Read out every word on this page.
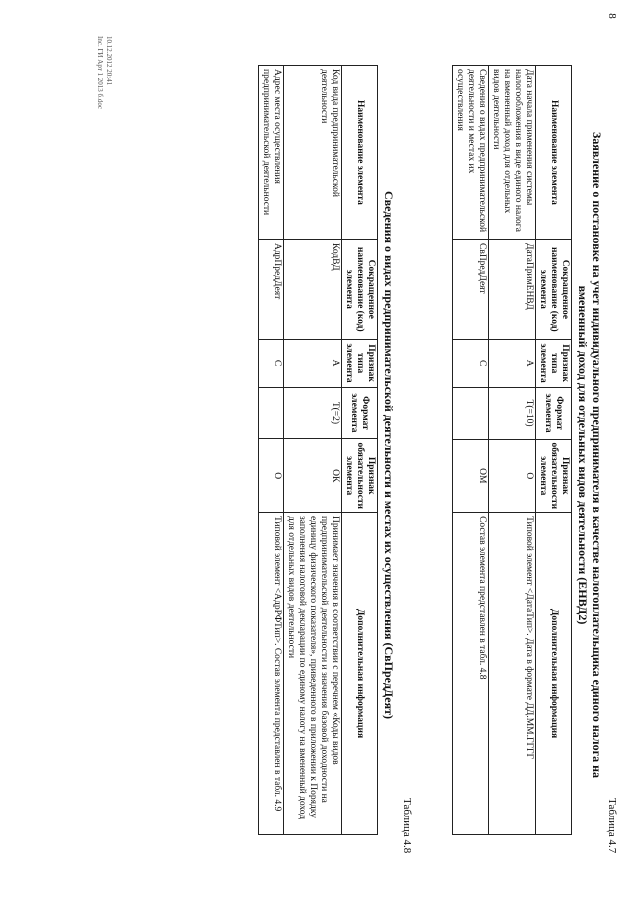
8
Таблица 4.7
Заявление о постановке на учет индивидуального предпринимателя в качестве налогоплательщика единого налога на
вмененный доход для отдельных видов деятельности (ЕНВД2)
Наименование элемента	Сокращенное наименование (код) элемента	Признак типа элемента	Формат элемента	Признак обязательности элемента	Дополнительная информация
Дата начала применения системы налогообложения в виде единого налога на вмененный доход для отдельных видов деятельности	ДатаПримЕНВД	А	T(=10)	О	Типовой элемент <ДатаТип>. Дата в формате ДД.ММ.ГГГГ
Сведения о видах предпринимательской деятельности и местах их осуществления	СвПредДеят	С		ОМ	Состав элемента представлен в табл. 4.8
Таблица 4.8
Сведения о видах предпринимательской деятельности и местах их осуществления (СвПредДеят)
Наименование элемента	Сокращенное наименование (код) элемента	Признак типа элемента	Формат элемента	Признак обязательности элемента	Дополнительная информация
Код вида предпринимательской деятельности	КодВД	А	T(=2)	ОК	Принимает значения в соответствии с перечнем «Коды видов предпринимательской деятельности и значения базовой доходности на единицу физического показателя», приведенного в приложении к Порядку заполнения налоговой декларации по единому налогу на вмененный доход для отдельных видов деятельности
Адрес места осуществления предпринимательской деятельности	АдрПредДеят	С		О	Типовой элемент <АдрРФТип>. Состав элемента представлен в табл. 4.9
10.12.2012 20:41
Inc. ГИ Арт 1 2013 б.doc
